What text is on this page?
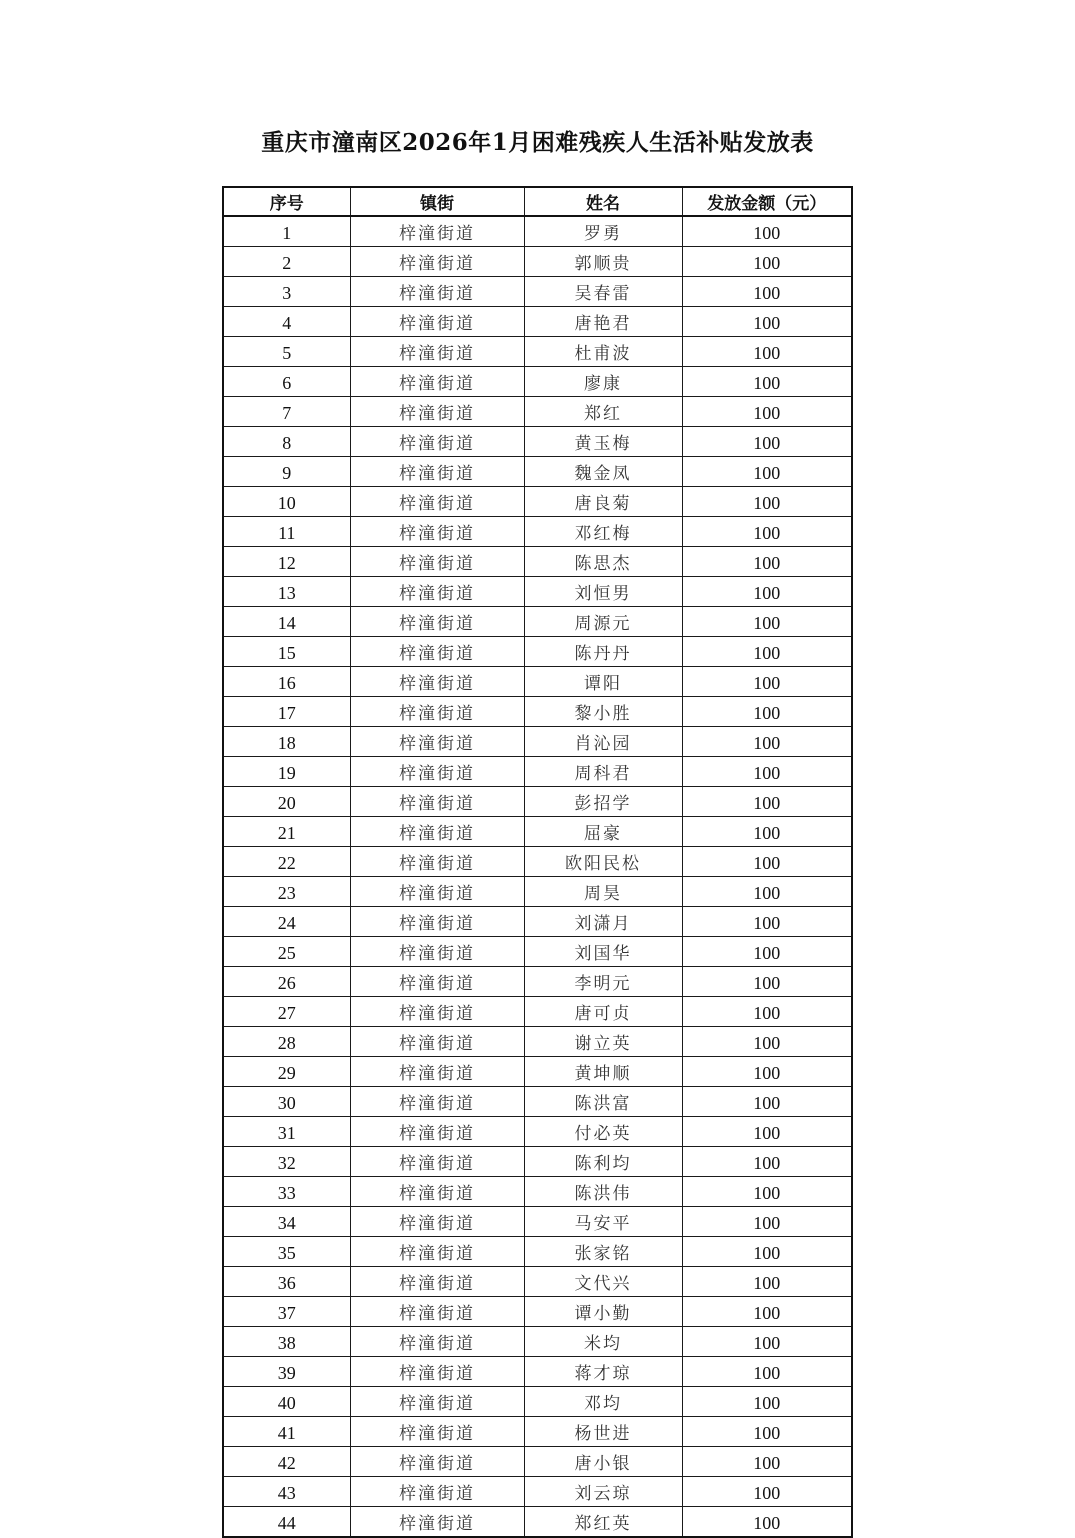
重庆市潼南区2026年1月困难残疾人生活补贴发放表
序号	镇街	姓名	发放金额（元）
1	梓潼街道	罗勇	100
2	梓潼街道	郭顺贵	100
3	梓潼街道	吴春雷	100
4	梓潼街道	唐艳君	100
5	梓潼街道	杜甫波	100
6	梓潼街道	廖康	100
7	梓潼街道	郑红	100
8	梓潼街道	黄玉梅	100
9	梓潼街道	魏金凤	100
10	梓潼街道	唐良菊	100
11	梓潼街道	邓红梅	100
12	梓潼街道	陈思杰	100
13	梓潼街道	刘恒男	100
14	梓潼街道	周源元	100
15	梓潼街道	陈丹丹	100
16	梓潼街道	谭阳	100
17	梓潼街道	黎小胜	100
18	梓潼街道	肖沁园	100
19	梓潼街道	周科君	100
20	梓潼街道	彭招学	100
21	梓潼街道	屈豪	100
22	梓潼街道	欧阳民松	100
23	梓潼街道	周昊	100
24	梓潼街道	刘潇月	100
25	梓潼街道	刘国华	100
26	梓潼街道	李明元	100
27	梓潼街道	唐可贞	100
28	梓潼街道	谢立英	100
29	梓潼街道	黄坤顺	100
30	梓潼街道	陈洪富	100
31	梓潼街道	付必英	100
32	梓潼街道	陈利均	100
33	梓潼街道	陈洪伟	100
34	梓潼街道	马安平	100
35	梓潼街道	张家铭	100
36	梓潼街道	文代兴	100
37	梓潼街道	谭小勤	100
38	梓潼街道	米均	100
39	梓潼街道	蒋才琼	100
40	梓潼街道	邓均	100
41	梓潼街道	杨世进	100
42	梓潼街道	唐小银	100
43	梓潼街道	刘云琼	100
44	梓潼街道	郑红英	100
